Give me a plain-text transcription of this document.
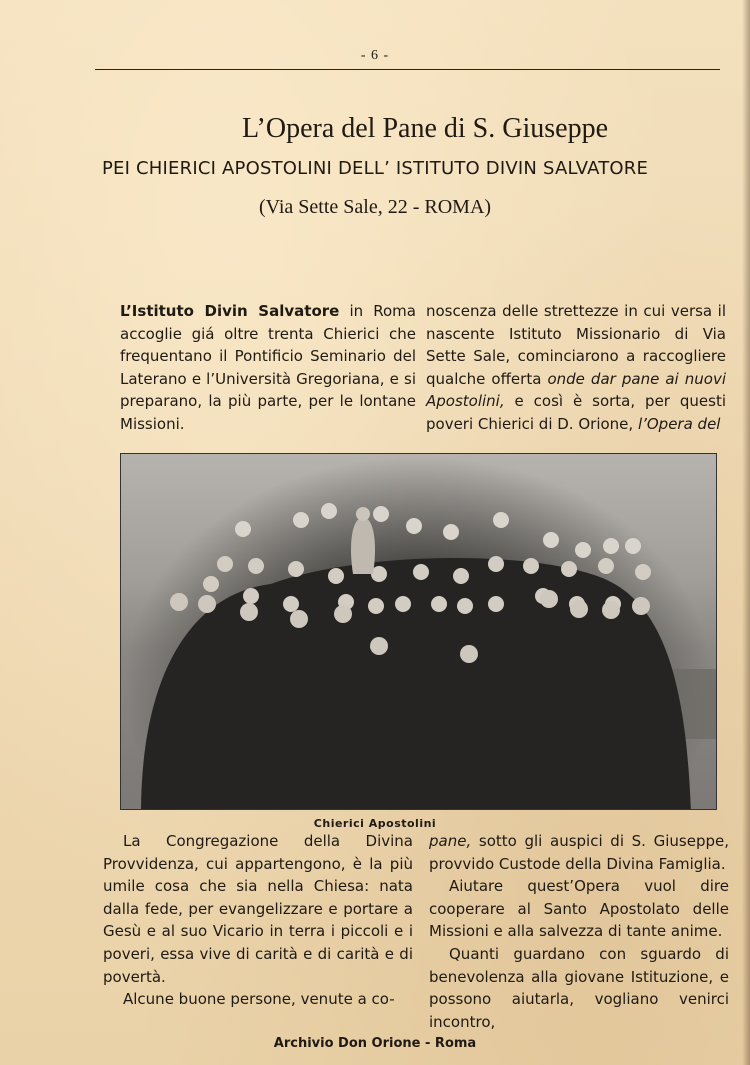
- 6 -
L’Opera del Pane di S. Giuseppe
PEI CHIERICI APOSTOLINI DELL’ ISTITUTO DIVIN SALVATORE
(Via Sette Sale, 22 - ROMA)

L’Istituto Divin Salvatore in Roma accoglie giá oltre trenta Chierici che frequentano il Pontificio Seminario del Laterano e l’Università Gregoriana, e si preparano, la più parte, per le lontane Missioni.

noscenza delle strettezze in cui versa il nascente Istituto Missionario di Via Sette Sale, cominciarono a raccogliere qualche offerta onde dar pane ai nuovi Apostolini, e così è sorta, per questi poveri Chierici di D. Orione, l’Opera del

Chierici Apostolini

La Congregazione della Divina Provvidenza, cui appartengono, è la più umile cosa che sia nella Chiesa: nata dalla fede, per evangelizzare e portare a Gesù e al suo Vicario in terra i piccoli e i poveri, essa vive di carità e di carità e di povertà.

Alcune buone persone, venute a co-

pane, sotto gli auspici di S. Giuseppe, provvido Custode della Divina Famiglia.

Aiutare quest’Opera vuol dire cooperare al Santo Apostolato delle Missioni e alla salvezza di tante anime.

Quanti guardano con sguardo di benevolenza alla giovane Istituzione, e possono aiutarla, vogliano venirci incontro,

Archivio Don Orione - Roma
